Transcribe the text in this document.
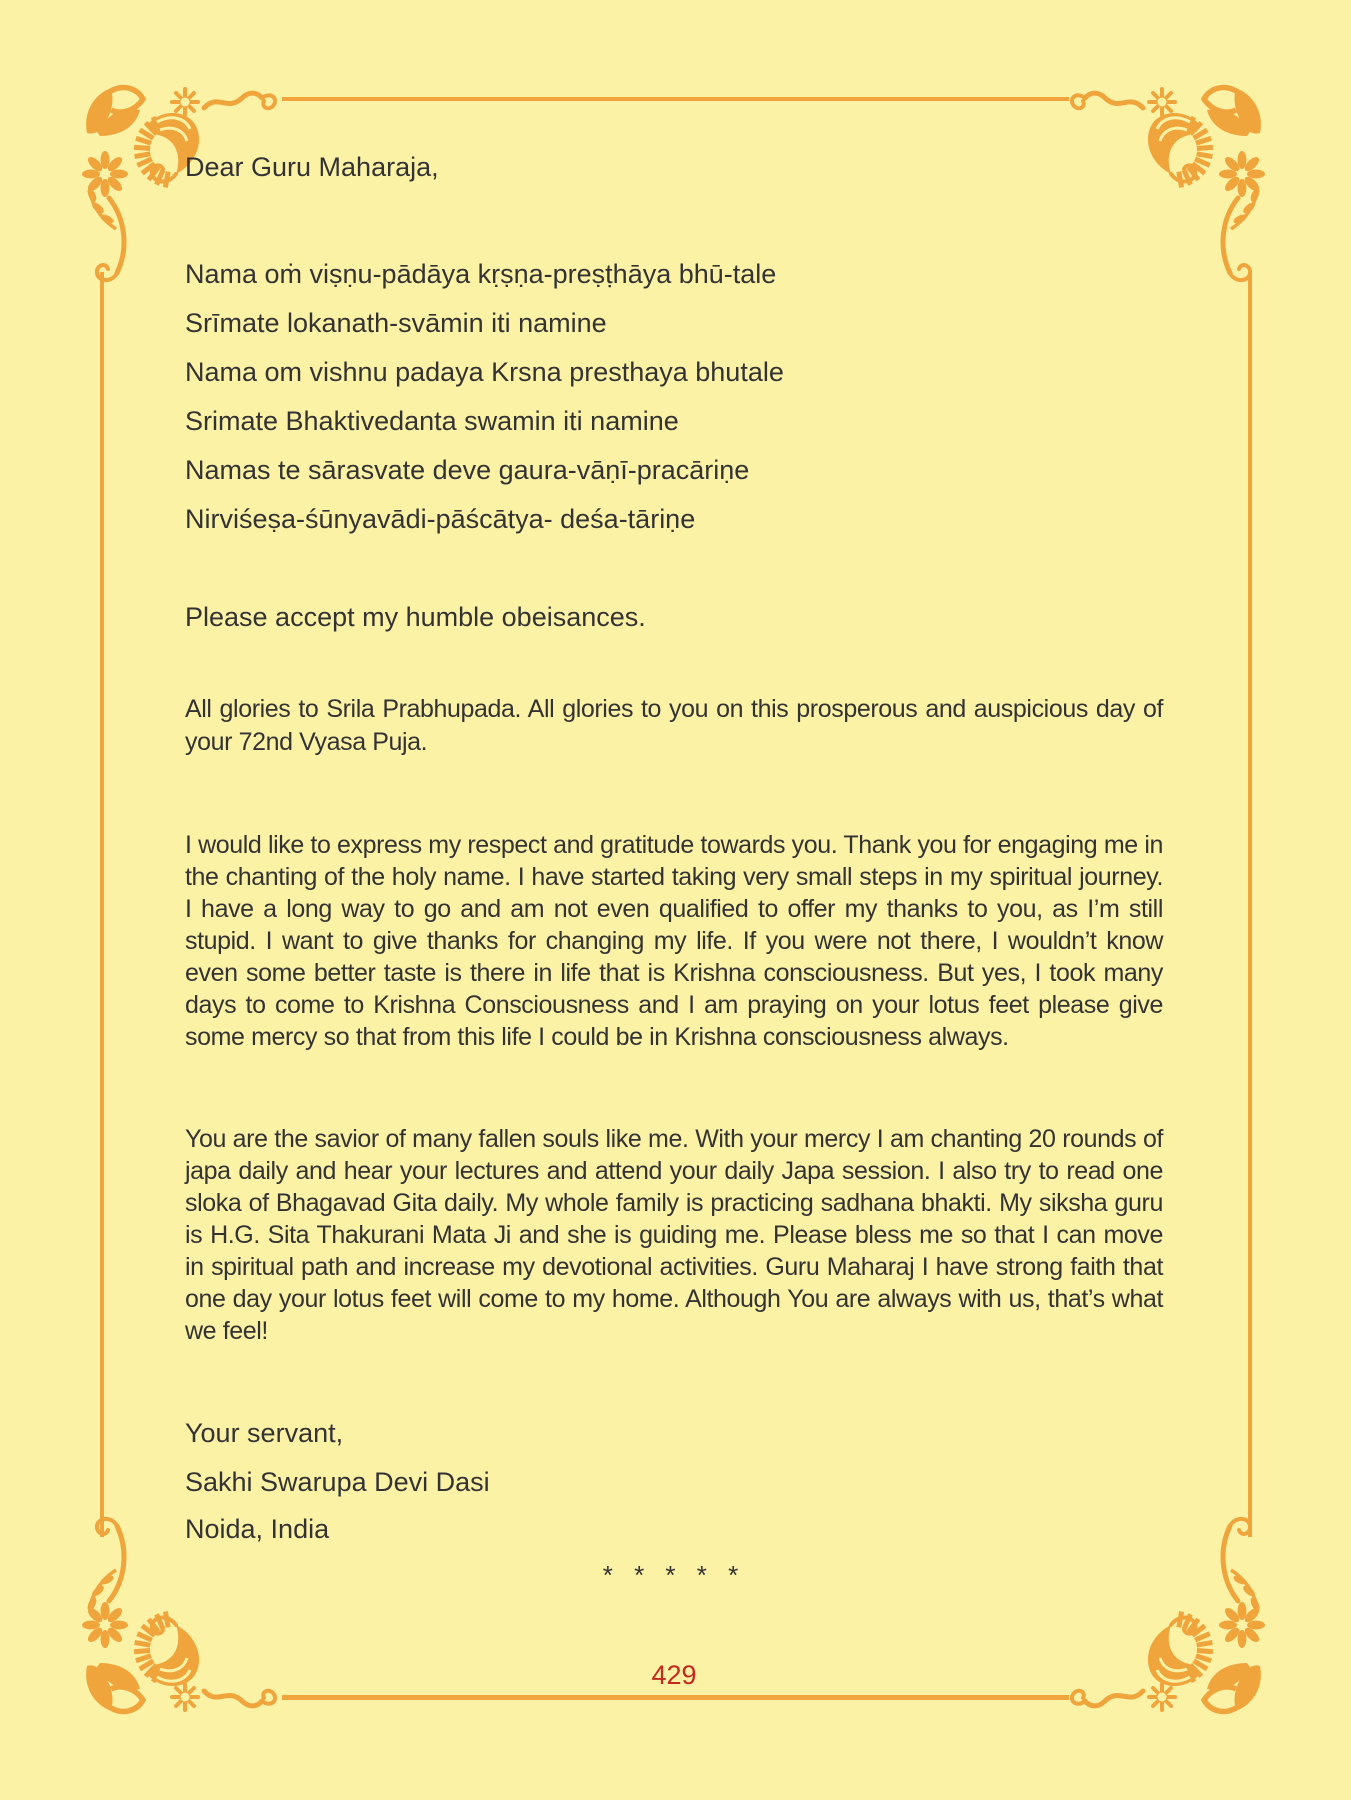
Dear Guru Maharaja,

Nama oṁ viṣṇu-pādāya kṛṣṇa-preṣṭhāya bhū-tale

Srīmate lokanath-svāmin iti namine

Nama om vishnu padaya Krsna presthaya bhutale

Srimate Bhaktivedanta swamin iti namine

Namas te sārasvate deve gaura-vāṇī-pracāriṇe

Nirviśeṣa-śūnyavādi-pāścātya- deśa-tāriṇe

Please accept my humble obeisances.

All glories to Srila Prabhupada. All glories to you on this prosperous and auspicious day of your 72nd Vyasa Puja.

I would like to express my respect and gratitude towards you. Thank you for engaging me in the chanting of the holy name. I have started taking very small steps in my spiritual journey. I have a long way to go and am not even qualified to offer my thanks to you, as I’m still stupid. I want to give thanks for changing my life. If you were not there, I wouldn’t know even some better taste is there in life that is Krishna consciousness. But yes, I took many days to come to Krishna Consciousness and I am praying on your lotus feet please give some mercy so that from this life I could be in Krishna consciousness always.

You are the savior of many fallen souls like me. With your mercy I am chanting 20 rounds of japa daily and hear your lectures and attend your daily Japa session. I also try to read one sloka of Bhagavad Gita daily. My whole family is practicing sadhana bhakti. My siksha guru is H.G. Sita Thakurani Mata Ji and she is guiding me. Please bless me so that I can move in spiritual path and increase my devotional activities. Guru Maharaj I have strong faith that one day your lotus feet will come to my home. Although You are always with us, that’s what we feel!

Your servant,

Sakhi Swarupa Devi Dasi

Noida, India

* * * * *

429
